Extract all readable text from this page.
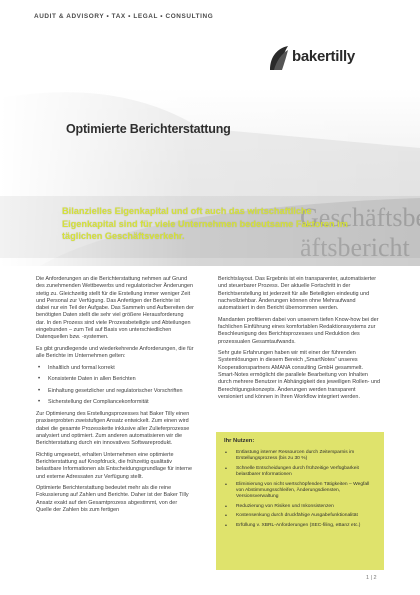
AUDIT & ADVISORY • TAX • LEGAL • CONSULTING
bakertilly
Optimierte Berichterstattung
Bilanzielles Eigenkapital und oft auch das wirtschaftliche Eigenkapital sind für viele Unternehmen bedeutsame Faktoren im täglichen Geschäftsverkehr.

Die Anforderungen an die Berichterstattung nehmen auf Grund des zunehmenden Wettbewerbs und regulatorischer Änderungen stetig zu. Gleichzeitig stellt für die Erstellung immer weniger Zeit und Personal zur Verfügung. Das Anfertigen der Berichte ist dabei nur ein Teil der Aufgabe. Das Sammeln und Aufbereiten der benötigten Daten stellt die sehr viel größere Herausforderung dar. In den Prozess sind viele Prozessbeteiligte und Abteilungen eingebunden – zum Teil auf Basis von unterschiedlichen Datenquellen bzw. -systemen.

Es gibt grundlegende und wiederkehrende Anforderungen, die für alle Berichte im Unternehmen gelten:

• Inhaltlich und formal korrekt
• Konsistente Daten in allen Berichten
• Einhaltung gesetzlicher und regulatorischer Vorschriften
• Sicherstellung der Compliancekonformität

Zur Optimierung des Erstellungsprozesses hat Baker Tilly einen praxiserprobten zweistufigen Ansatz entwickelt. Zum einen wird dabei die gesamte Prozesskette inklusive aller Zulieferprozesse analysiert und optimiert. Zum anderen automatisieren wir die Berichterstattung durch ein innovatives Softwareprodukt.

Richtig umgesetzt, erhalten Unternehmen eine optimierte Berichterstattung auf Knopfdruck, die frühzeitig qualitativ belastbare Informationen als Entscheidungsgrundlage für interne und externe Adressaten zur Verfügung stellt.

Optimierte Berichterstattung bedeutet mehr als die reine Fokussierung auf Zahlen und Berichte. Daher ist der Baker Tilly Ansatz exakt auf den Gesamtprozess abgestimmt, von der Quelle der Zahlen bis zum fertigen

Berichtslayout. Das Ergebnis ist ein transparenter, automatisierter und steuerbarer Prozess. Der aktuelle Fortschritt in der Berichtserstellung ist jederzeit für alle Beteiligten eindeutig und nachvollziehbar. Änderungen können ohne Mehraufwand automatisiert in den Bericht übernommen werden.

Mandanten profitieren dabei von unserem tiefen Know-how bei der fachlichen Einführung eines komfortablen Redaktionssystems zur Beschleunigung des Berichtsprozesses und Reduktion des prozessualen Gesamtaufwands.

Sehr gute Erfahrungen haben wir mit einer der führenden Systemlösungen in diesem Bereich „SmartNotes“ unseres Kooperationspartners AMANA consulting GmbH gesammelt. Smart-Notes ermöglicht die parallele Bearbeitung von Inhalten durch mehrere Benutzer in Abhängigkeit des jeweiligen Rollen- und Berechtigungskonzepts. Änderungen werden transparent versioniert und können in Ihren Workflow integriert werden.

Ihr Nutzen:
• Entlastung interner Ressourcen durch Zeitersparnis im Erstellungsprozess (bis zu 30 %)
• Schnelle Entscheidungen durch frühzeitige Verfügbarkeit belastbarer Informationen
• Eliminierung von nicht wertschöpfenden Tätigkeiten – Wegfall von Abstimmungsschleifen, Änderungsdiensten, Versionsverwaltung
• Reduzierung von Risiken und Inkonsistenzen
• Kostensenkung durch druckfähige Ausgabefunktionalität
• Erfüllung v. XBRL-Anforderungen (SEC-filing, eBanz etc.)
1 | 2
